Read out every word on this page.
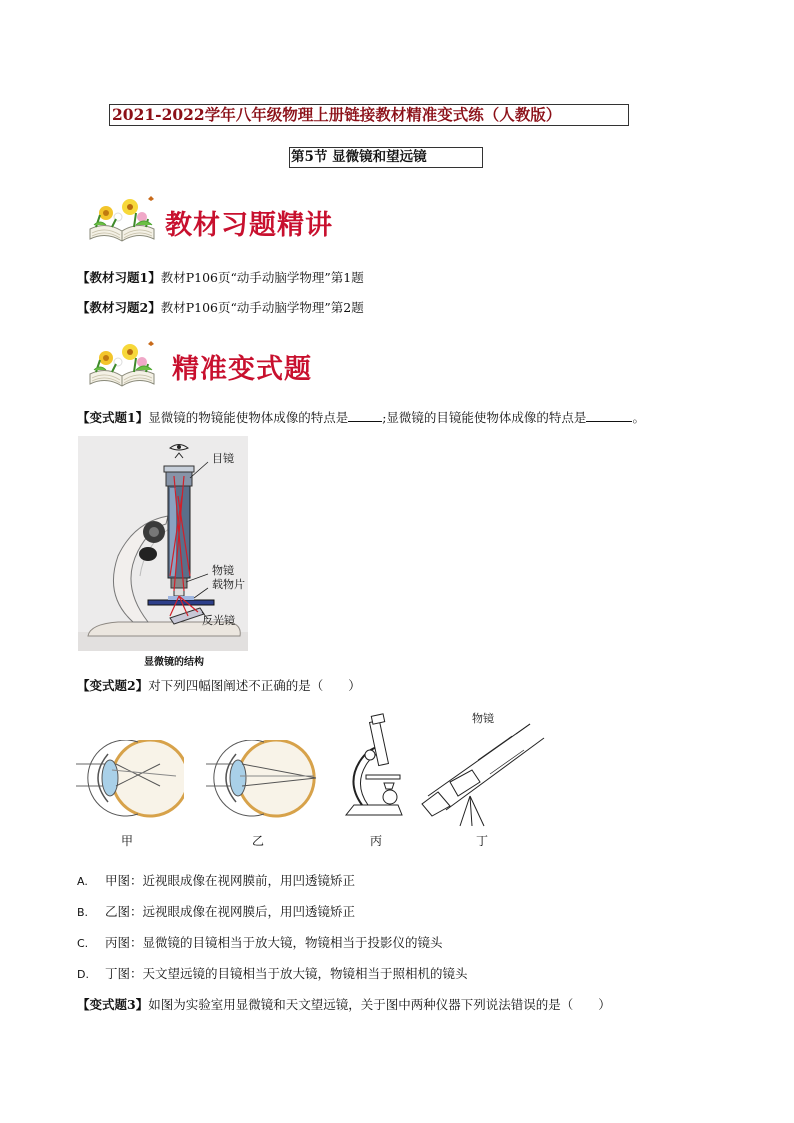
2021-2022学年八年级物理上册链接教材精准变式练（人教版）
第5节 显微镜和望远镜
教材习题精讲
【教材习题1】教材P106页“动手动脑学物理”第1题
【教材习题2】教材P106页“动手动脑学物理”第2题
精准变式题
【变式题1】显微镜的物镜能使物体成像的特点是	;显微镜的目镜能使物体成像的特点是	。
目镜
物镜
载物片
反光镜
显微镜的结构
【变式题2】对下列四幅图阐述不正确的是（　　）
甲	乙	丙
物镜
丁
A. 甲图：近视眼成像在视网膜前，用凹透镜矫正
B. 乙图：远视眼成像在视网膜后，用凹透镜矫正
C. 丙图：显微镜的目镜相当于放大镜，物镜相当于投影仪的镜头
D. 丁图：天文望远镜的目镜相当于放大镜，物镜相当于照相机的镜头
【变式题3】如图为实验室用显微镜和天文望远镜，关于图中两种仪器下列说法错误的是（　　）
